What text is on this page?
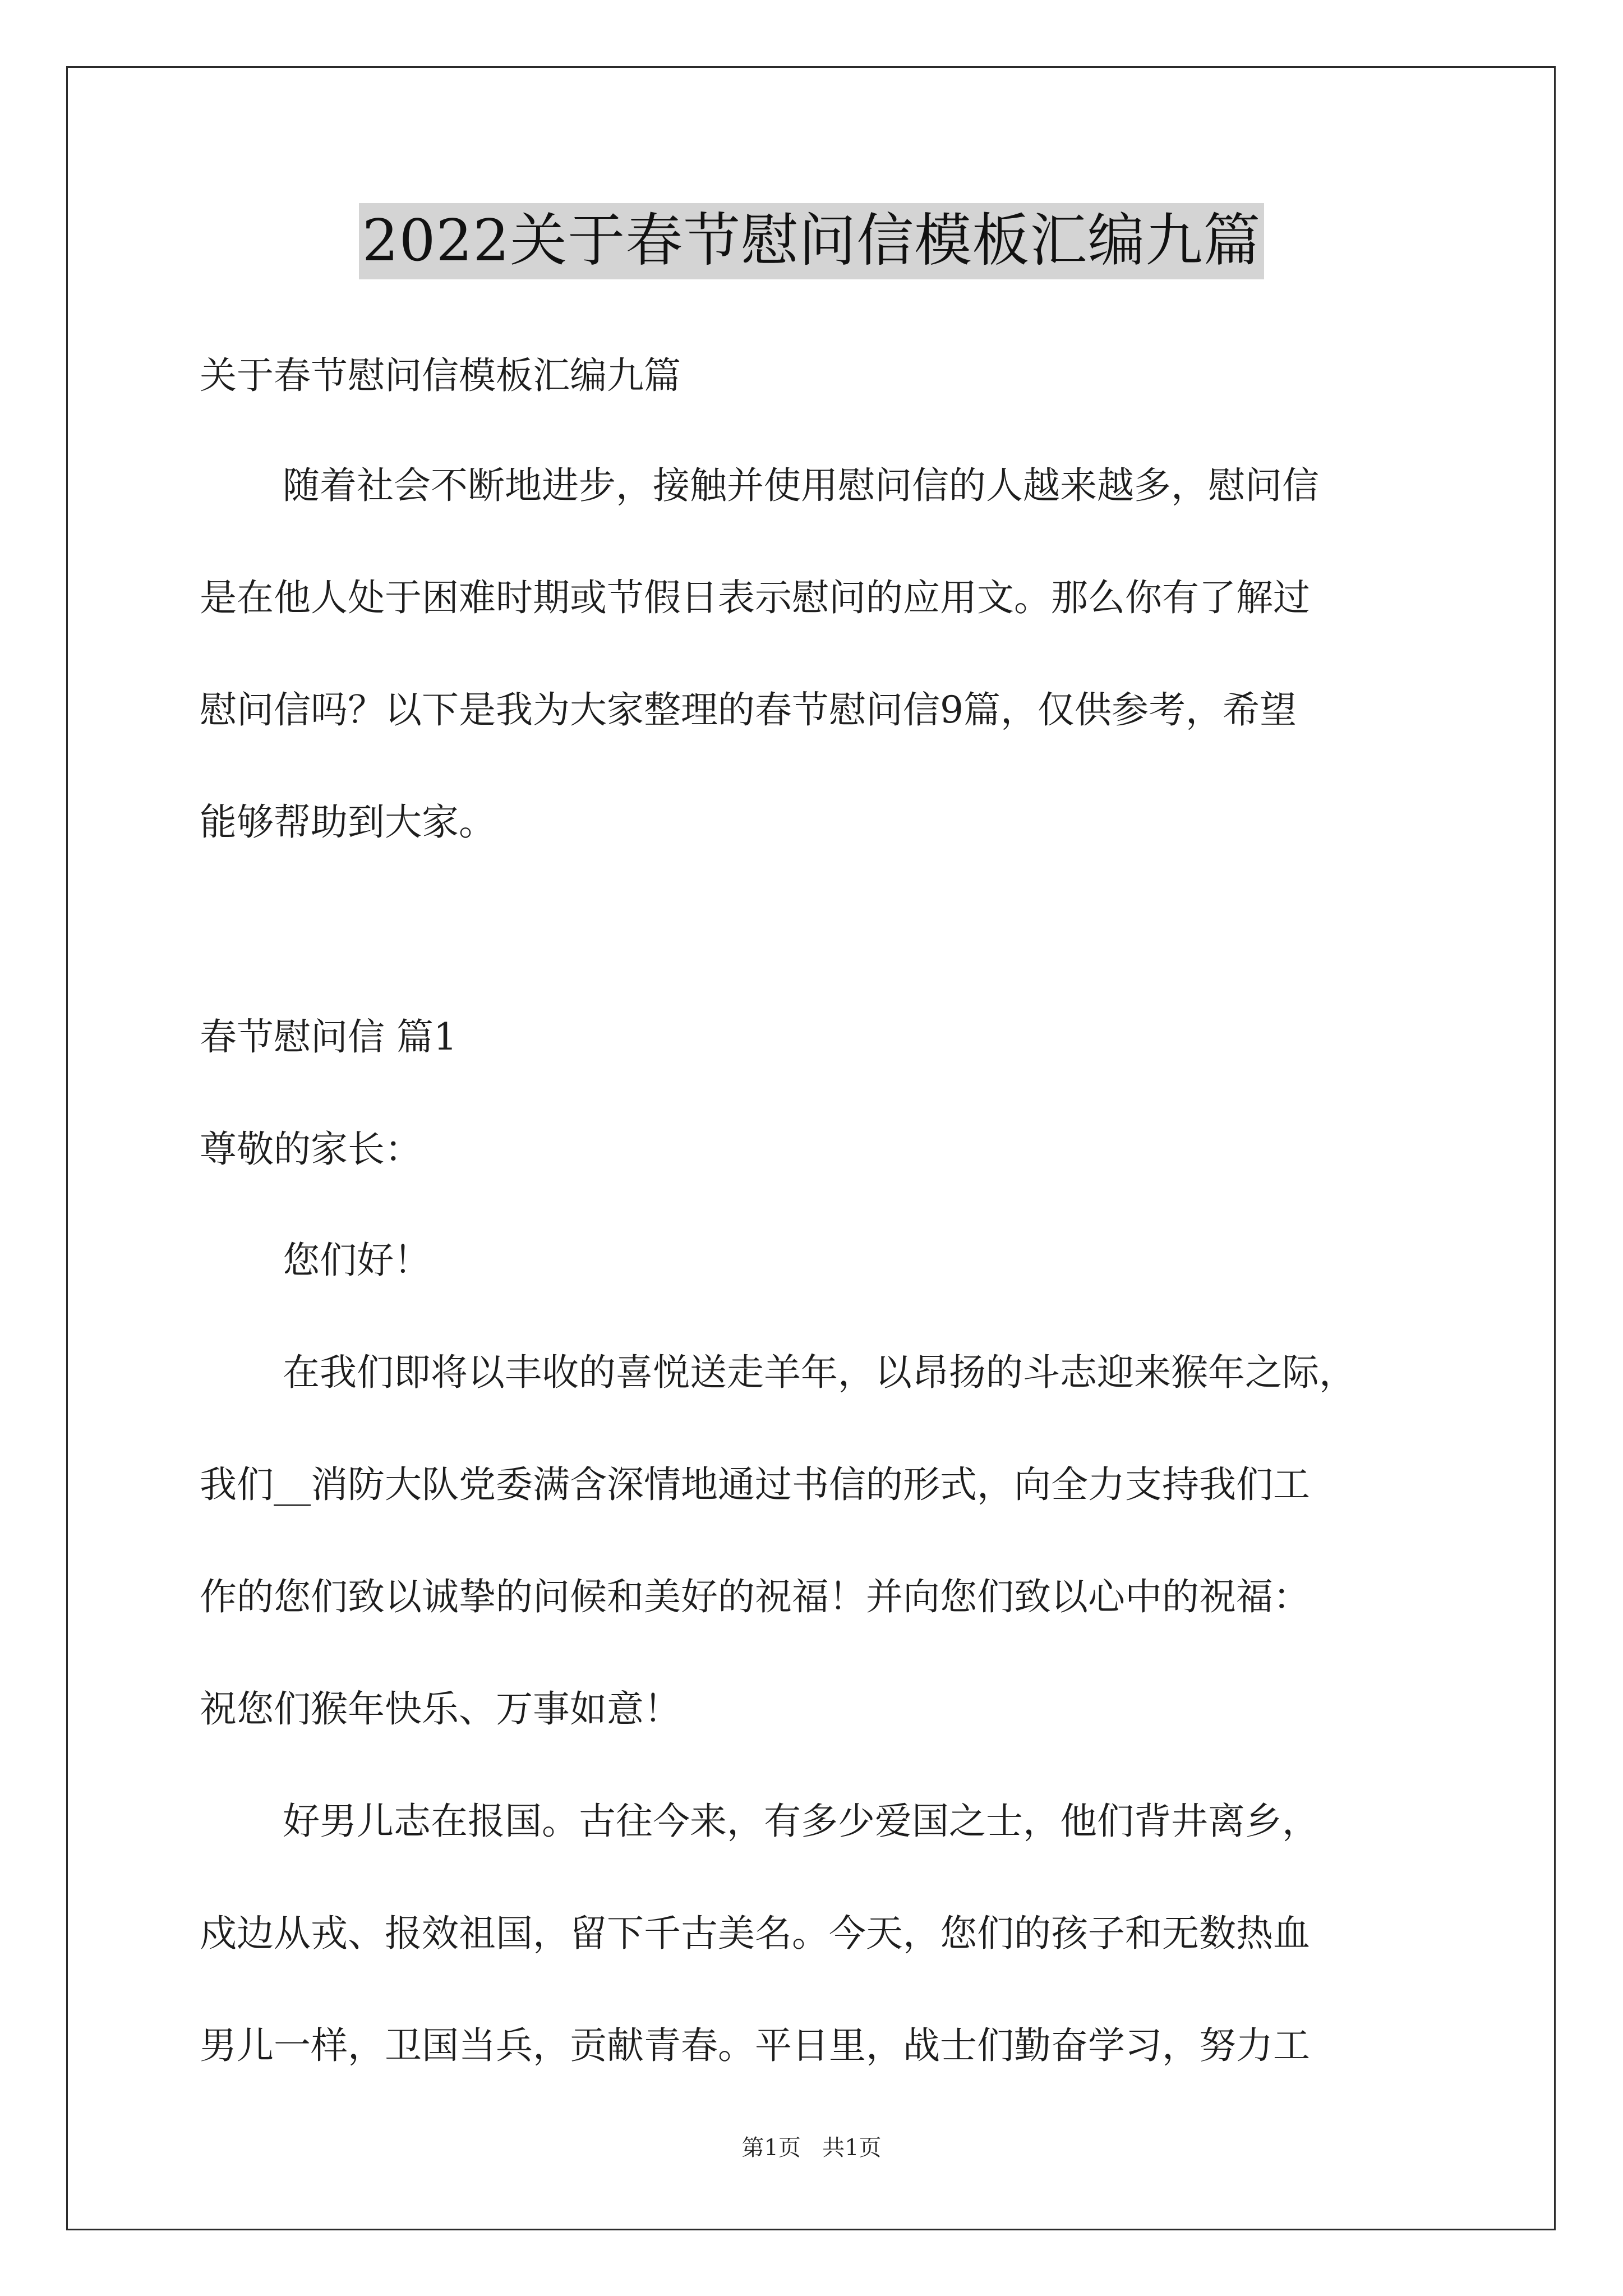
2022关于春节慰问信模板汇编九篇
关于春节慰问信模板汇编九篇
随着社会不断地进步，接触并使用慰问信的人越来越多，慰问信
是在他人处于困难时期或节假日表示慰问的应用文。那么你有了解过
慰问信吗？以下是我为大家整理的春节慰问信9篇，仅供参考，希望
能够帮助到大家。
春节慰问信 篇1
尊敬的家长：
您们好！
在我们即将以丰收的喜悦送走羊年，以昂扬的斗志迎来猴年之际，
我们__消防大队党委满含深情地通过书信的形式，向全力支持我们工
作的您们致以诚挚的问候和美好的祝福！并向您们致以心中的祝福：
祝您们猴年快乐、万事如意！
好男儿志在报国。古往今来，有多少爱国之士，他们背井离乡，
戍边从戎、报效祖国，留下千古美名。今天，您们的孩子和无数热血
男儿一样，卫国当兵，贡献青春。平日里，战士们勤奋学习，努力工
第1页 共1页
